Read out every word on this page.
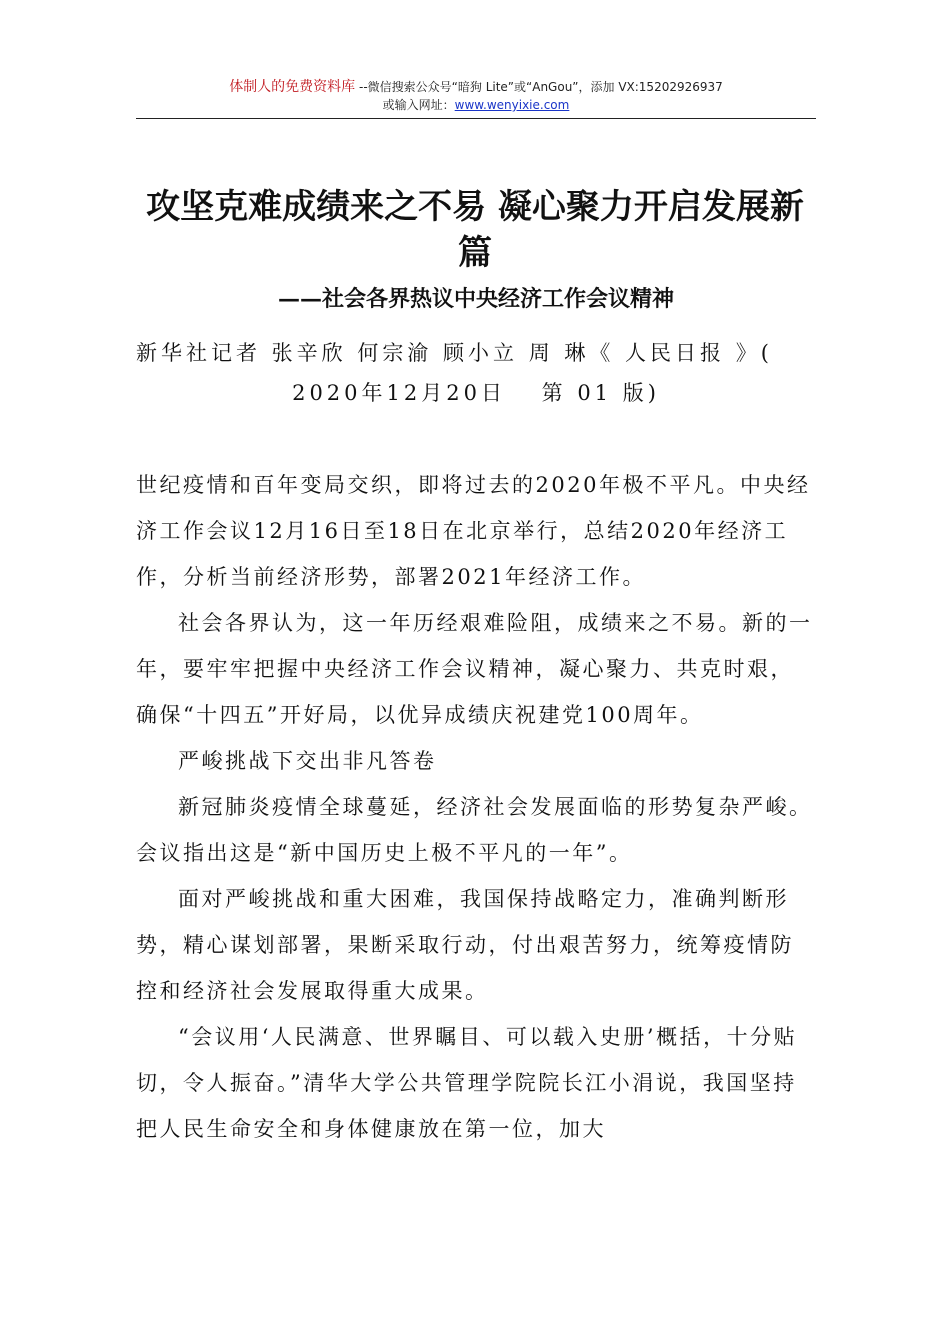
体制人的免费资料库 --微信搜索公众号“暗狗 Lite”或“AnGou”，添加 VX:15202926937
或输入网址：www.wenyixie.com
攻坚克难成绩来之不易 凝心聚力开启发展新篇
——社会各界热议中央经济工作会议精神
新华社记者 张辛欣 何宗渝 顾小立 周 琳《 人民日报 》(
2020年12月20日　 第 01 版)

世纪疫情和百年变局交织，即将过去的2020年极不平凡。中央经济工作会议12月16日至18日在北京举行，总结2020年经济工作，分析当前经济形势，部署2021年经济工作。

社会各界认为，这一年历经艰难险阻，成绩来之不易。新的一年，要牢牢把握中央经济工作会议精神，凝心聚力、共克时艰，确保“十四五”开好局，以优异成绩庆祝建党100周年。

严峻挑战下交出非凡答卷

新冠肺炎疫情全球蔓延，经济社会发展面临的形势复杂严峻。会议指出这是“新中国历史上极不平凡的一年”。

面对严峻挑战和重大困难，我国保持战略定力，准确判断形势，精心谋划部署，果断采取行动，付出艰苦努力，统筹疫情防控和经济社会发展取得重大成果。

“会议用‘人民满意、世界瞩目、可以载入史册’概括，十分贴切，令人振奋。”清华大学公共管理学院院长江小涓说，我国坚持把人民生命安全和身体健康放在第一位，加大
